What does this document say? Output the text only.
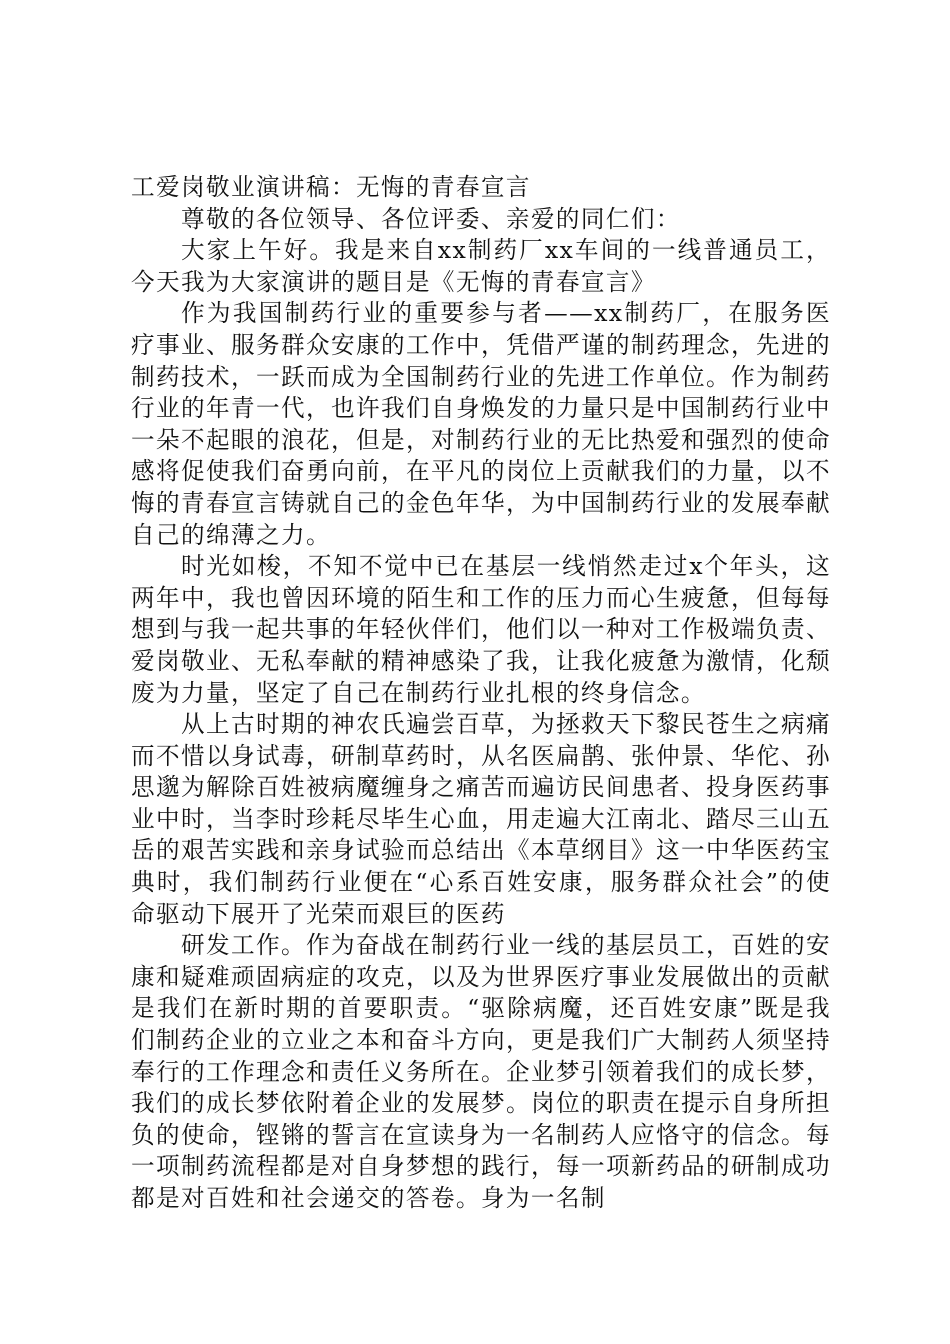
工爱岗敬业演讲稿：无悔的青春宣言

尊敬的各位领导、各位评委、亲爱的同仁们：

大家上午好。我是来自xx制药厂xx车间的一线普通员工，今天我为大家演讲的题目是《无悔的青春宣言》

作为我国制药行业的重要参与者——xx制药厂，在服务医疗事业、服务群众安康的工作中，凭借严谨的制药理念，先进的制药技术，一跃而成为全国制药行业的先进工作单位。作为制药行业的年青一代，也许我们自身焕发的力量只是中国制药行业中一朵不起眼的浪花，但是，对制药行业的无比热爱和强烈的使命感将促使我们奋勇向前，在平凡的岗位上贡献我们的力量，以不悔的青春宣言铸就自己的金色年华，为中国制药行业的发展奉献自己的绵薄之力。

时光如梭，不知不觉中已在基层一线悄然走过x个年头，这两年中，我也曾因环境的陌生和工作的压力而心生疲惫，但每每想到与我一起共事的年轻伙伴们，他们以一种对工作极端负责、爱岗敬业、无私奉献的精神感染了我，让我化疲惫为激情，化颓废为力量，坚定了自己在制药行业扎根的终身信念。

从上古时期的神农氏遍尝百草，为拯救天下黎民苍生之病痛而不惜以身试毒，研制草药时，从名医扁鹊、张仲景、华佗、孙思邈为解除百姓被病魔缠身之痛苦而遍访民间患者、投身医药事业中时，当李时珍耗尽毕生心血，用走遍大江南北、踏尽三山五岳的艰苦实践和亲身试验而总结出《本草纲目》这一中华医药宝典时，我们制药行业便在“心系百姓安康，服务群众社会”的使命驱动下展开了光荣而艰巨的医药

研发工作。作为奋战在制药行业一线的基层员工，百姓的安康和疑难顽固病症的攻克，以及为世界医疗事业发展做出的贡献是我们在新时期的首要职责。“驱除病魔，还百姓安康”既是我们制药企业的立业之本和奋斗方向，更是我们广大制药人须坚持奉行的工作理念和责任义务所在。企业梦引领着我们的成长梦，我们的成长梦依附着企业的发展梦。岗位的职责在提示自身所担负的使命，铿锵的誓言在宣读身为一名制药人应恪守的信念。每一项制药流程都是对自身梦想的践行，每一项新药品的研制成功都是对百姓和社会递交的答卷。身为一名制
